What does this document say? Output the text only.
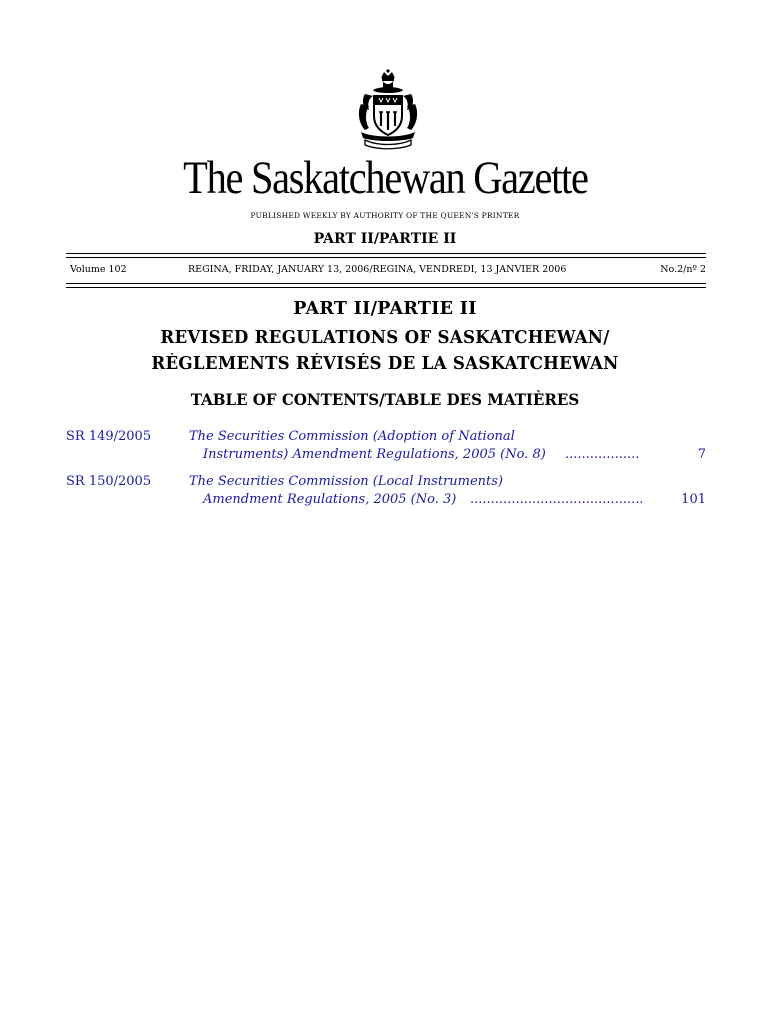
The Saskatchewan Gazette
PUBLISHED WEEKLY BY AUTHORITY OF THE QUEEN'S PRINTER
PART II/PARTIE II
Volume 102	REGINA, FRIDAY, JANUARY 13, 2006/REGINA, VENDREDI, 13 JANVIER 2006	No.2/nº 2
PART II/PARTIE II
REVISED REGULATIONS OF SASKATCHEWAN/
RÈGLEMENTS RÉVISÉS DE LA SASKATCHEWAN
TABLE OF CONTENTS/TABLE DES MATIÈRES
SR 149/2005	The Securities Commission (Adoption of National
Instruments) Amendment Regulations, 2005 (No. 8) ..................	7
SR 150/2005	The Securities Commission (Local Instruments)
Amendment Regulations, 2005 (No. 3) ..........................................	101
